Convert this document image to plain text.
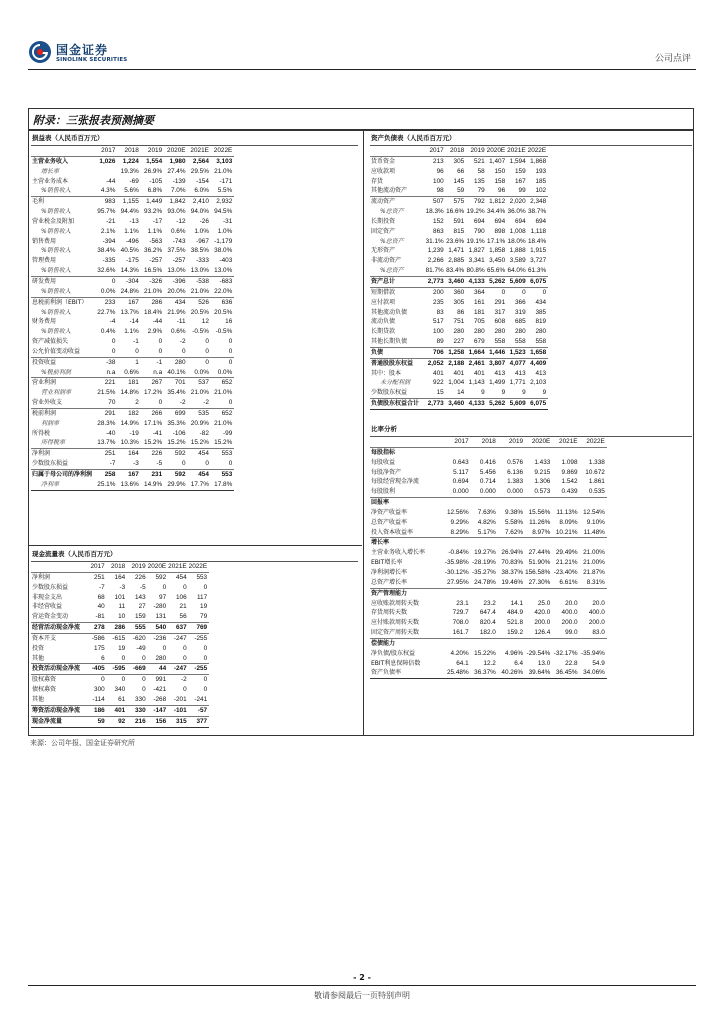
国金证券
SINOLINK SECURITIES	公司点评
附录：三张报表预测摘要
损益表（人民币百万元）
	2017	2018	2019	2020E	2021E	2022E
主营业务收入	1,026	1,224	1,554	1,980	2,564	3,103
增长率		19.3%	26.9%	27.4%	29.5%	21.0%
主营业务成本	-44	-69	-105	-139	-154	-171
%销售收入	4.3%	5.6%	6.8%	7.0%	6.0%	5.5%
毛利	983	1,155	1,449	1,842	2,410	2,932
%销售收入	95.7%	94.4%	93.2%	93.0%	94.0%	94.5%
营业税金及附加	-21	-13	-17	-12	-26	-31
%销售收入	2.1%	1.1%	1.1%	0.6%	1.0%	1.0%
销售费用	-394	-496	-563	-743	-967	-1,179
%销售收入	38.4%	40.5%	36.2%	37.5%	38.5%	38.0%
管理费用	-335	-175	-257	-257	-333	-403
%销售收入	32.6%	14.3%	16.5%	13.0%	13.0%	13.0%
研发费用	0	-304	-326	-396	-538	-683
%销售收入	0.0%	24.8%	21.0%	20.0%	21.0%	22.0%
息税前利润（EBIT）	233	167	286	434	526	636
%销售收入	22.7%	13.7%	18.4%	21.9%	20.5%	20.5%
财务费用	-4	-14	-44	-11	12	16
%销售收入	0.4%	1.1%	2.9%	0.6%	-0.5%	-0.5%
资产减值损失	0	-1	0	-2	0	0
公允价值变动收益	0	0	0	0	0	0
投资收益	-38	1	-1	280	0	0
%税前利润	n.a	0.6%	n.a	40.1%	0.0%	0.0%
营业利润	221	181	267	701	537	652
营业利润率	21.5%	14.8%	17.2%	35.4%	21.0%	21.0%
营业外收支	70	2	0	-2	-2	0
税前利润	291	182	266	699	535	652
利润率	28.3%	14.9%	17.1%	35.3%	20.9%	21.0%
所得税	-40	-19	-41	-106	-82	-99
所得税率	13.7%	10.3%	15.2%	15.2%	15.2%	15.2%
净利润	251	164	226	592	454	553
少数股东损益	-7	-3	-5	0	0	0
归属于母公司的净利润	258	167	231	592	454	553
净利率	25.1%	13.6%	14.9%	29.9%	17.7%	17.8%
资产负债表（人民币百万元）
	2017	2018	2019	2020E	2021E	2022E
货币资金	213	305	521	1,407	1,594	1,868
应收款项	96	66	58	150	159	193
存货	100	145	135	158	167	185
其他流动资产	98	59	79	96	99	102
流动资产	507	575	792	1,812	2,020	2,348
%总资产	18.3%	16.6%	19.2%	34.4%	36.0%	38.7%
长期投资	152	591	694	694	694	694
固定资产	863	815	790	898	1,008	1,118
%总资产	31.1%	23.6%	19.1%	17.1%	18.0%	18.4%
无形资产	1,239	1,471	1,827	1,858	1,888	1,915
非流动资产	2,266	2,885	3,341	3,450	3,589	3,727
%总资产	81.7%	83.4%	80.8%	65.6%	64.0%	61.3%
资产总计	2,773	3,460	4,133	5,262	5,609	6,075
短期借款	200	360	364	0	0	0
应付款项	235	305	161	291	366	434
其他流动负债	83	86	181	317	319	385
流动负债	517	751	705	608	685	819
长期贷款	100	280	280	280	280	280
其他长期负债	89	227	679	558	558	558
负债	706	1,258	1,664	1,446	1,523	1,658
普通股股东权益	2,052	2,188	2,461	3,807	4,077	4,409
其中：股本	401	401	401	413	413	413
未分配利润	922	1,004	1,143	1,499	1,771	2,103
少数股东权益	15	14	9	9	9	9
负债股东权益合计	2,773	3,460	4,133	5,262	5,609	6,075
比率分析
	2017	2018	2019	2020E	2021E	2022E
每股指标						
每股收益	0.643	0.416	0.576	1.433	1.098	1.338
每股净资产	5.117	5.456	6.136	9.215	9.869	10.672
每股经营现金净流	0.694	0.714	1.383	1.306	1.542	1.861
每股股利	0.000	0.000	0.000	0.573	0.439	0.535
回报率						
净资产收益率	12.56%	7.63%	9.38%	15.56%	11.13%	12.54%
总资产收益率	9.29%	4.82%	5.58%	11.26%	8.09%	9.10%
投入资本收益率	8.29%	5.17%	7.62%	8.97%	10.21%	11.48%
增长率						
主营业务收入增长率	-0.84%	19.27%	26.94%	27.44%	29.49%	21.00%
EBIT增长率	-35.98%	-28.19%	70.83%	51.90%	21.21%	21.00%
净利润增长率	-30.12%	-35.27%	38.37%	156.58%	-23.40%	21.87%
总资产增长率	27.95%	24.78%	19.46%	27.30%	6.61%	8.31%
资产管理能力						
应收账款周转天数	23.1	23.2	14.1	25.0	20.0	20.0
存货周转天数	729.7	647.4	484.9	420.0	400.0	400.0
应付账款周转天数	708.0	820.4	521.8	200.0	200.0	200.0
固定资产周转天数	161.7	182.0	159.2	126.4	99.0	83.0
偿债能力						
净负债/股东权益	4.20%	15.22%	4.96%	-29.54%	-32.17%	-35.94%
EBIT利息保障倍数	64.1	12.2	6.4	13.0	22.8	54.9
资产负债率	25.48%	36.37%	40.26%	39.64%	36.45%	34.06%
现金流量表（人民币百万元）
	2017	2018	2019	2020E	2021E	2022E
净利润	251	164	226	592	454	553
少数股东损益	-7	-3	-5	0	0	0
非现金支出	68	101	143	97	106	117
非经营收益	40	11	27	-280	21	19
营运资金变动	-81	10	159	131	56	79
经营活动现金净流	278	286	555	540	637	769
资本开支	-586	-615	-620	-236	-247	-255
投资	175	19	-49	0	0	0
其他	6	0	0	280	0	0
投资活动现金净流	-405	-595	-669	44	-247	-255
股权募资	0	0	0	991	-2	0
债权募资	300	340	0	-421	0	0
其他	-114	61	330	-268	-201	-241
筹资活动现金净流	186	401	330	-147	-101	-57
现金净流量	59	92	216	156	315	377
来源：公司年报、国金证券研究所
- 2 -
敬请参阅最后一页特别声明
